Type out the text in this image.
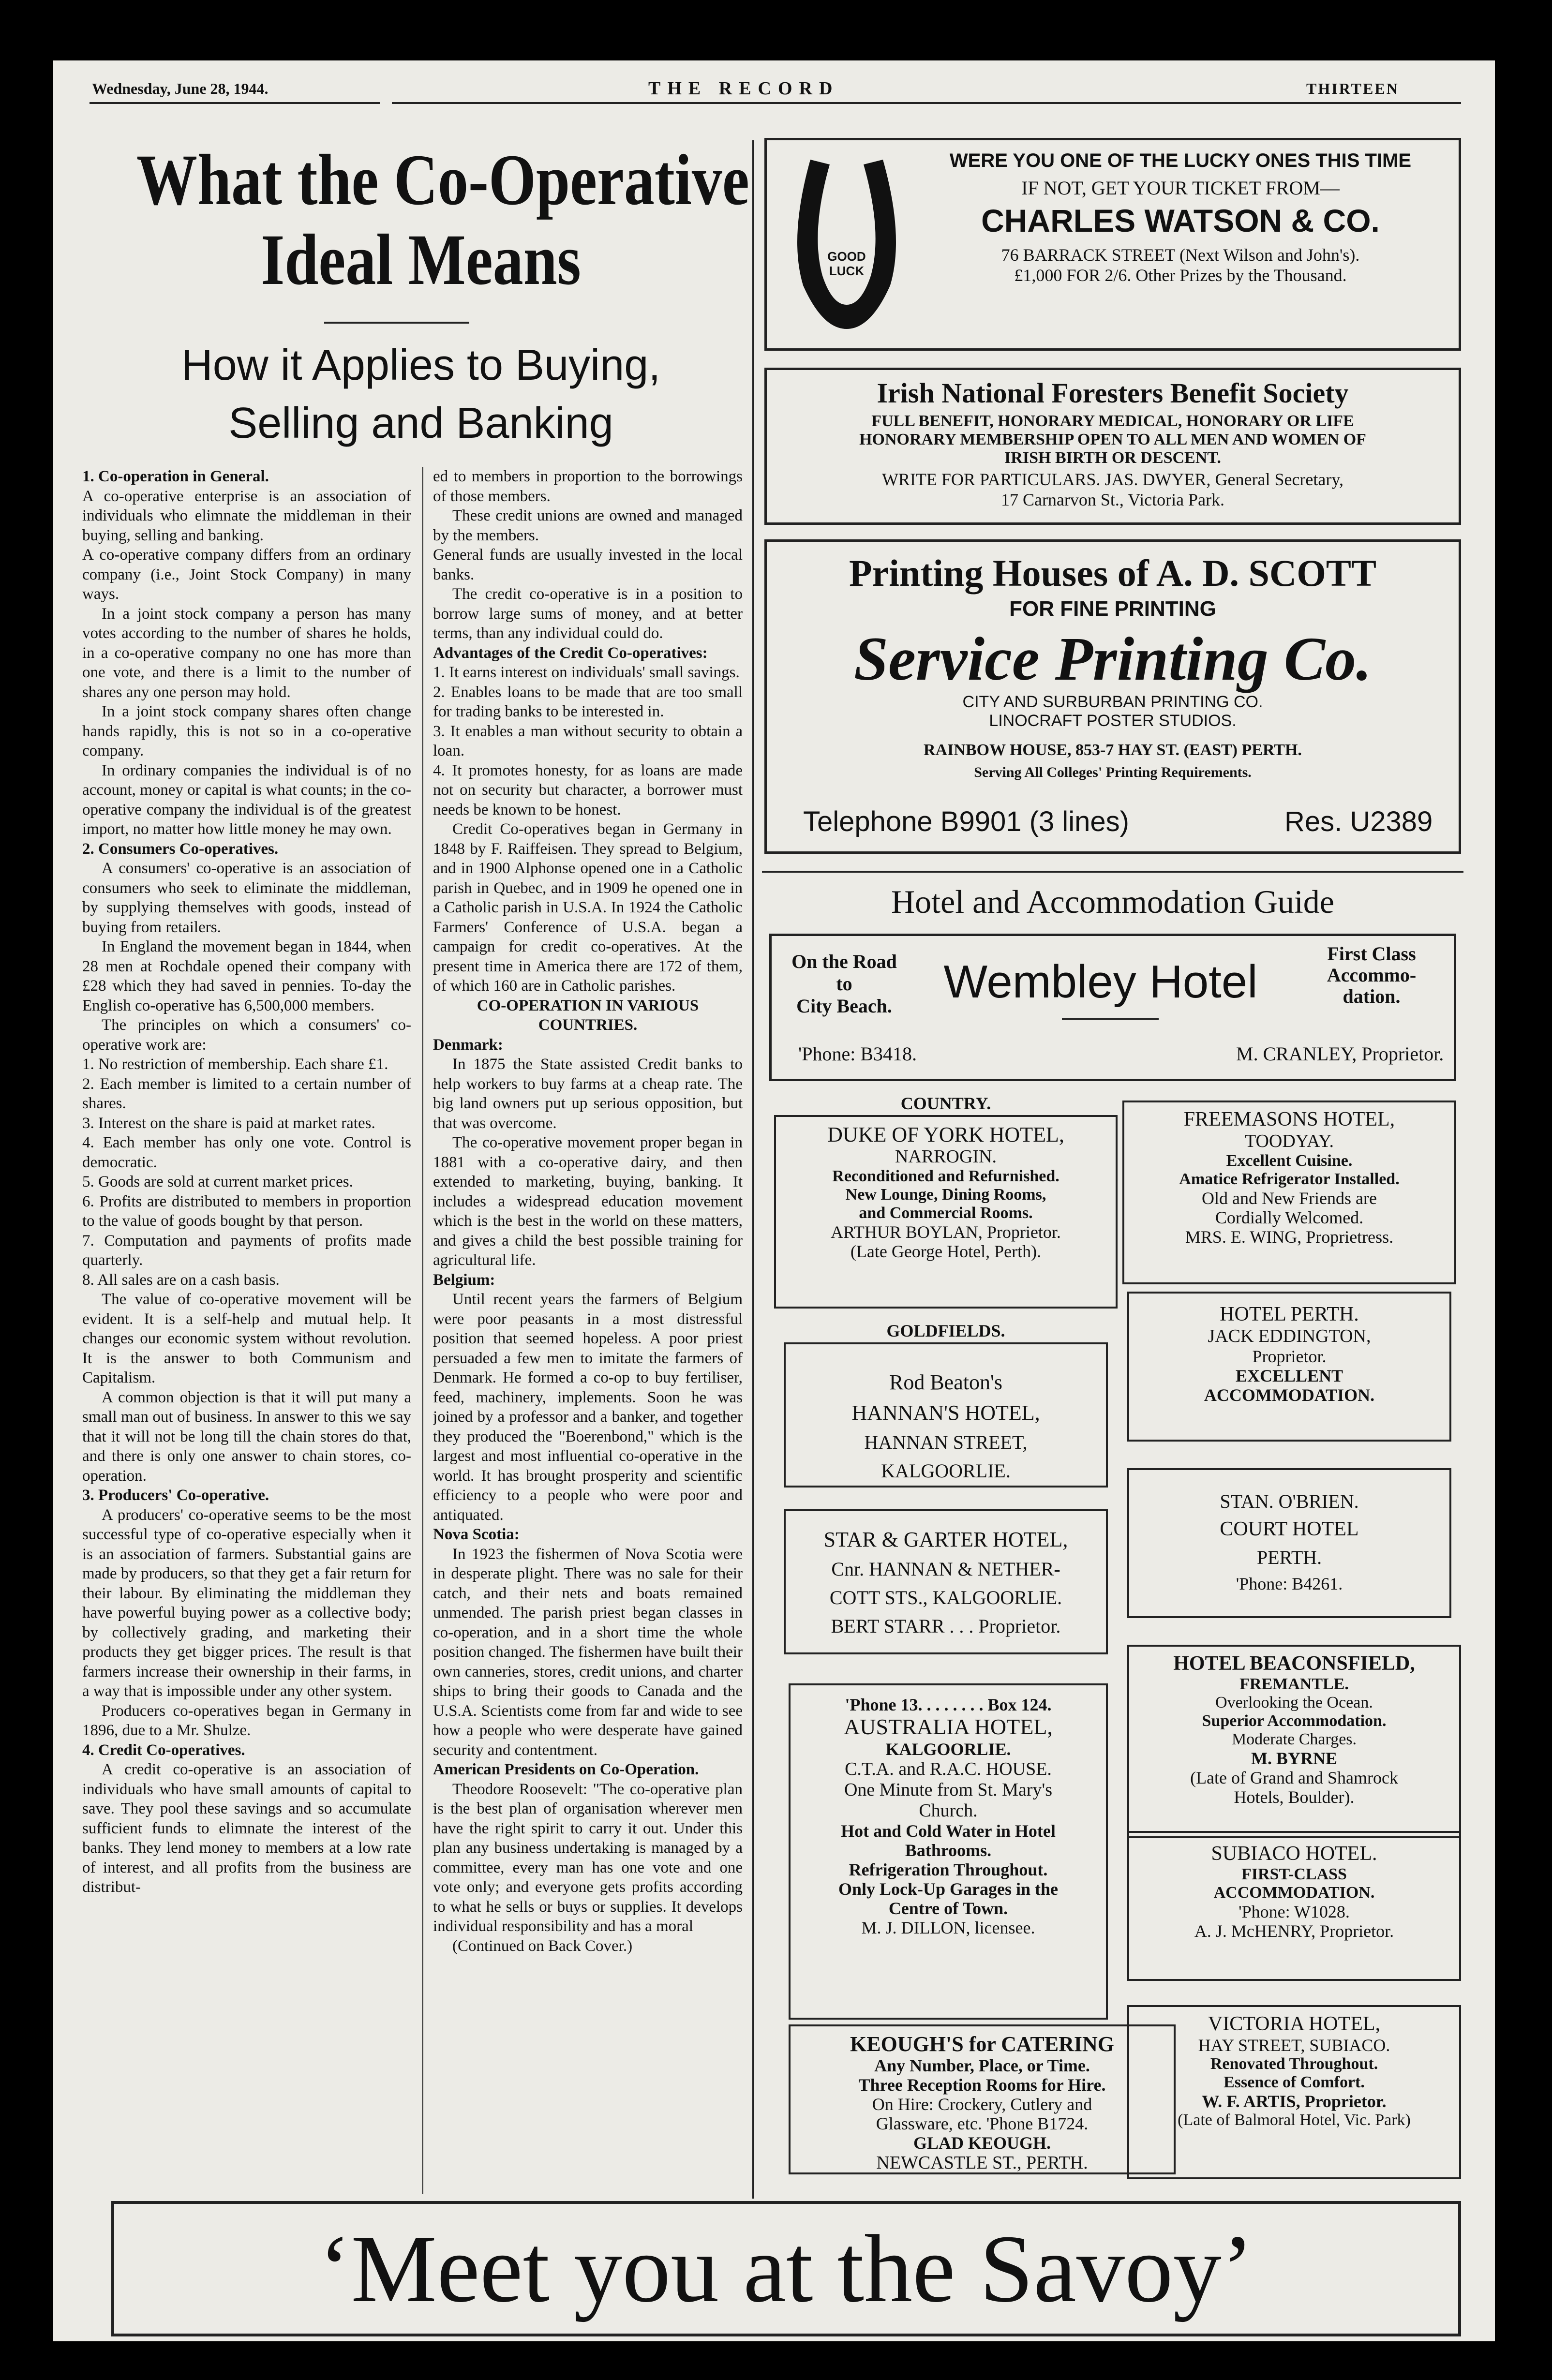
Wednesday, June 28, 1944.	THE RECORD	THIRTEEN
What the Co-Operative
Ideal Means
How it Applies to Buying,
Selling and Banking

1. Co-operation in General.

A co-operative enterprise is an association of individuals who elimnate the middleman in their buying, selling and banking.

A co-operative company differs from an ordinary company (i.e., Joint Stock Company) in many ways.

In a joint stock company a person has many votes according to the number of shares he holds, in a co-operative company no one has more than one vote, and there is a limit to the number of shares any one person may hold.

In a joint stock company shares often change hands rapidly, this is not so in a co-operative company.

In ordinary companies the individual is of no account, money or capital is what counts; in the co-operative company the individual is of the greatest import, no matter how little money he may own.

2. Consumers Co-operatives.

A consumers' co-operative is an association of consumers who seek to eliminate the middleman, by supplying themselves with goods, instead of buying from retailers.

In England the movement began in 1844, when 28 men at Rochdale opened their company with £28 which they had saved in pennies. To-day the English co-operative has 6,500,000 members.

The principles on which a consumers' co-operative work are:

1. No restriction of membership. Each share £1.

2. Each member is limited to a certain number of shares.

3. Interest on the share is paid at market rates.

4. Each member has only one vote. Control is democratic.

5. Goods are sold at current market prices.

6. Profits are distributed to members in proportion to the value of goods bought by that person.

7. Computation and payments of profits made quarterly.

8. All sales are on a cash basis.

The value of co-operative movement will be evident. It is a self-help and mutual help. It changes our economic system without revolution. It is the answer to both Communism and Capitalism.

A common objection is that it will put many a small man out of business. In answer to this we say that it will not be long till the chain stores do that, and there is only one answer to chain stores, co-operation.

3. Producers' Co-operative.

A producers' co-operative seems to be the most successful type of co-operative especially when it is an association of farmers. Substantial gains are made by producers, so that they get a fair return for their labour. By eliminating the middleman they have powerful buying power as a collective body; by collectively grading, and marketing their products they get bigger prices. The result is that farmers increase their ownership in their farms, in a way that is impossible under any other system.

Producers co-operatives began in Germany in 1896, due to a Mr. Shulze.

4. Credit Co-operatives.

A credit co-operative is an association of individuals who have small amounts of capital to save. They pool these savings and so accumulate sufficient funds to elimnate the interest of the banks. They lend money to members at a low rate of interest, and all profits from the business are distribut-

ed to members in proportion to the borrowings of those members.

These credit unions are owned and managed by the members.

General funds are usually invested in the local banks.

The credit co-operative is in a position to borrow large sums of money, and at better terms, than any individual could do.

Advantages of the Credit Co-operatives:

1. It earns interest on individuals' small savings.

2. Enables loans to be made that are too small for trading banks to be interested in.

3. It enables a man without security to obtain a loan.

4. It promotes honesty, for as loans are made not on security but character, a borrower must needs be known to be honest.

Credit Co-operatives began in Germany in 1848 by F. Raiffeisen. They spread to Belgium, and in 1900 Alphonse opened one in a Catholic parish in Quebec, and in 1909 he opened one in a Catholic parish in U.S.A. In 1924 the Catholic Farmers' Conference of U.S.A. began a campaign for credit co-operatives. At the present time in America there are 172 of them, of which 160 are in Catholic parishes.

CO-OPERATION IN VARIOUS COUNTRIES.

Denmark:

In 1875 the State assisted Credit banks to help workers to buy farms at a cheap rate. The big land owners put up serious opposition, but that was overcome.

The co-operative movement proper began in 1881 with a co-operative dairy, and then extended to marketing, buying, banking. It includes a widespread education movement which is the best in the world on these matters, and gives a child the best possible training for agricultural life.

Belgium:

Until recent years the farmers of Belgium were poor peasants in a most distressful position that seemed hopeless. A poor priest persuaded a few men to imitate the farmers of Denmark. He formed a co-op to buy fertiliser, feed, machinery, implements. Soon he was joined by a professor and a banker, and together they produced the "Boerenbond," which is the largest and most influential co-operative in the world. It has brought prosperity and scientific efficiency to a people who were poor and antiquated.

Nova Scotia:

In 1923 the fishermen of Nova Scotia were in desperate plight. There was no sale for their catch, and their nets and boats remained unmended. The parish priest began classes in co-operation, and in a short time the whole position changed. The fishermen have built their own canneries, stores, credit unions, and charter ships to bring their goods to Canada and the U.S.A. Scientists come from far and wide to see how a people who were desperate have gained security and contentment.

American Presidents on Co-Operation.

Theodore Roosevelt: "The co-operative plan is the best plan of organisation wherever men have the right spirit to carry it out. Under this plan any business undertaking is managed by a committee, every man has one vote and one vote only; and everyone gets profits according to what he sells or buys or supplies. It develops individual responsibility and has a moral

(Continued on Back Cover.)

GOOD LUCK
WERE YOU ONE OF THE LUCKY ONES THIS TIME
IF NOT, GET YOUR TICKET FROM—
CHARLES WATSON & CO.
76 BARRACK STREET (Next Wilson and John's).
£1,000 FOR 2/6. Other Prizes by the Thousand.
Irish National Foresters Benefit Society
FULL BENEFIT, HONORARY MEDICAL, HONORARY OR LIFE
HONORARY MEMBERSHIP OPEN TO ALL MEN AND WOMEN OF
IRISH BIRTH OR DESCENT.
WRITE FOR PARTICULARS. JAS. DWYER, General Secretary,
17 Carnarvon St., Victoria Park.
Printing Houses of A. D. SCOTT
FOR FINE PRINTING
Service Printing Co.
CITY AND SURBURBAN PRINTING CO.
LINOCRAFT POSTER STUDIOS.
RAINBOW HOUSE, 853-7 HAY ST. (EAST) PERTH.
Serving All Colleges' Printing Requirements.
Telephone B9901 (3 lines)	Res. U2389
Hotel and Accommodation Guide
On the Road
to
City Beach.	Wembley Hotel
First Class
Accommo-
dation.
'Phone: B3418.	M. CRANLEY, Proprietor.
COUNTRY.
DUKE OF YORK HOTEL,
NARROGIN.
Reconditioned and Refurnished.
New Lounge, Dining Rooms,
and Commercial Rooms.
ARTHUR BOYLAN, Proprietor.
(Late George Hotel, Perth).
GOLDFIELDS.
Rod Beaton's
HANNAN'S HOTEL,
HANNAN STREET,
KALGOORLIE.
STAR & GARTER HOTEL,
Cnr. HANNAN & NETHER-
COTT STS., KALGOORLIE.
BERT STARR . . . Proprietor.
'Phone 13. . . . . . . . Box 124.
AUSTRALIA HOTEL,
KALGOORLIE.
C.T.A. and R.A.C. HOUSE.
One Minute from St. Mary's
Church.
Hot and Cold Water in Hotel
Bathrooms.
Refrigeration Throughout.
Only Lock-Up Garages in the
Centre of Town.
M. J. DILLON, licensee.
KEOUGH'S for CATERING
Any Number, Place, or Time.
Three Reception Rooms for Hire.
On Hire: Crockery, Cutlery and
Glassware, etc. 'Phone B1724.
GLAD KEOUGH.
NEWCASTLE ST., PERTH.
FREEMASONS HOTEL,
TOODYAY.
Excellent Cuisine.
Amatice Refrigerator Installed.
Old and New Friends are
Cordially Welcomed.
MRS. E. WING, Proprietress.
HOTEL PERTH.
JACK EDDINGTON,
Proprietor.
EXCELLENT
ACCOMMODATION.
STAN. O'BRIEN.
COURT HOTEL
PERTH.
'Phone: B4261.
HOTEL BEACONSFIELD,
FREMANTLE.
Overlooking the Ocean.
Superior Accommodation.
Moderate Charges.
M. BYRNE
(Late of Grand and Shamrock
Hotels, Boulder).
SUBIACO HOTEL.
FIRST-CLASS
ACCOMMODATION.
'Phone: W1028.
A. J. McHENRY, Proprietor.
VICTORIA HOTEL,
HAY STREET, SUBIACO.
Renovated Throughout.
Essence of Comfort.
W. F. ARTIS, Proprietor.
(Late of Balmoral Hotel, Vic. Park)
‘Meet you at the Savoy’
